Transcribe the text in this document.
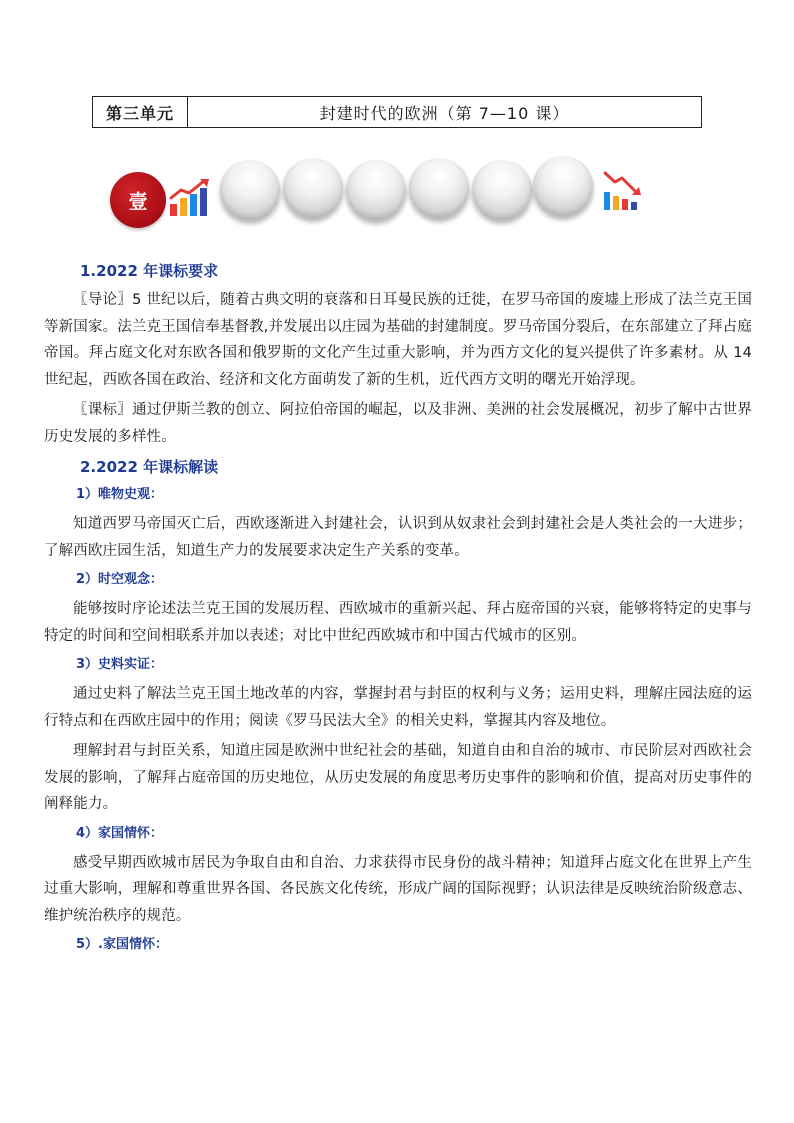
第三单元	封建时代的欧洲（第 7—10 课）
壹
1.2022 年课标要求

〖导论〗5 世纪以后，随着古典文明的衰落和日耳曼民族的迁徙，在罗马帝国的废墟上形成了法兰克王国等新国家。法兰克王国信奉基督教,并发展出以庄园为基础的封建制度。罗马帝国分裂后，在东部建立了拜占庭帝国。拜占庭文化对东欧各国和俄罗斯的文化产生过重大影响，并为西方文化的复兴提供了许多素材。从 14 世纪起，西欧各国在政治、经济和文化方面萌发了新的生机，近代西方文明的曙光开始浮现。

〖课标〗通过伊斯兰教的创立、阿拉伯帝国的崛起，以及非洲、美洲的社会发展概况，初步了解中古世界历史发展的多样性。

2.2022 年课标解读
1）唯物史观：

知道西罗马帝国灭亡后，西欧逐渐进入封建社会，认识到从奴隶社会到封建社会是人类社会的一大进步；了解西欧庄园生活，知道生产力的发展要求决定生产关系的变革。

2）时空观念：

能够按时序论述法兰克王国的发展历程、西欧城市的重新兴起、拜占庭帝国的兴衰，能够将特定的史事与特定的时间和空间相联系并加以表述；对比中世纪西欧城市和中国古代城市的区别。

3）史料实证：

通过史料了解法兰克王国土地改革的内容，掌握封君与封臣的权利与义务；运用史料，理解庄园法庭的运行特点和在西欧庄园中的作用；阅读《罗马民法大全》的相关史料，掌握其内容及地位。

理解封君与封臣关系，知道庄园是欧洲中世纪社会的基础，知道自由和自治的城市、市民阶层对西欧社会发展的影响，了解拜占庭帝国的历史地位，从历史发展的角度思考历史事件的影响和价值，提高对历史事件的阐释能力。

4）家国情怀：

感受早期西欧城市居民为争取自由和自治、力求获得市民身份的战斗精神；知道拜占庭文化在世界上产生过重大影响，理解和尊重世界各国、各民族文化传统，形成广阔的国际视野；认识法律是反映统治阶级意志、维护统治秩序的规范。

5）.家国情怀：
